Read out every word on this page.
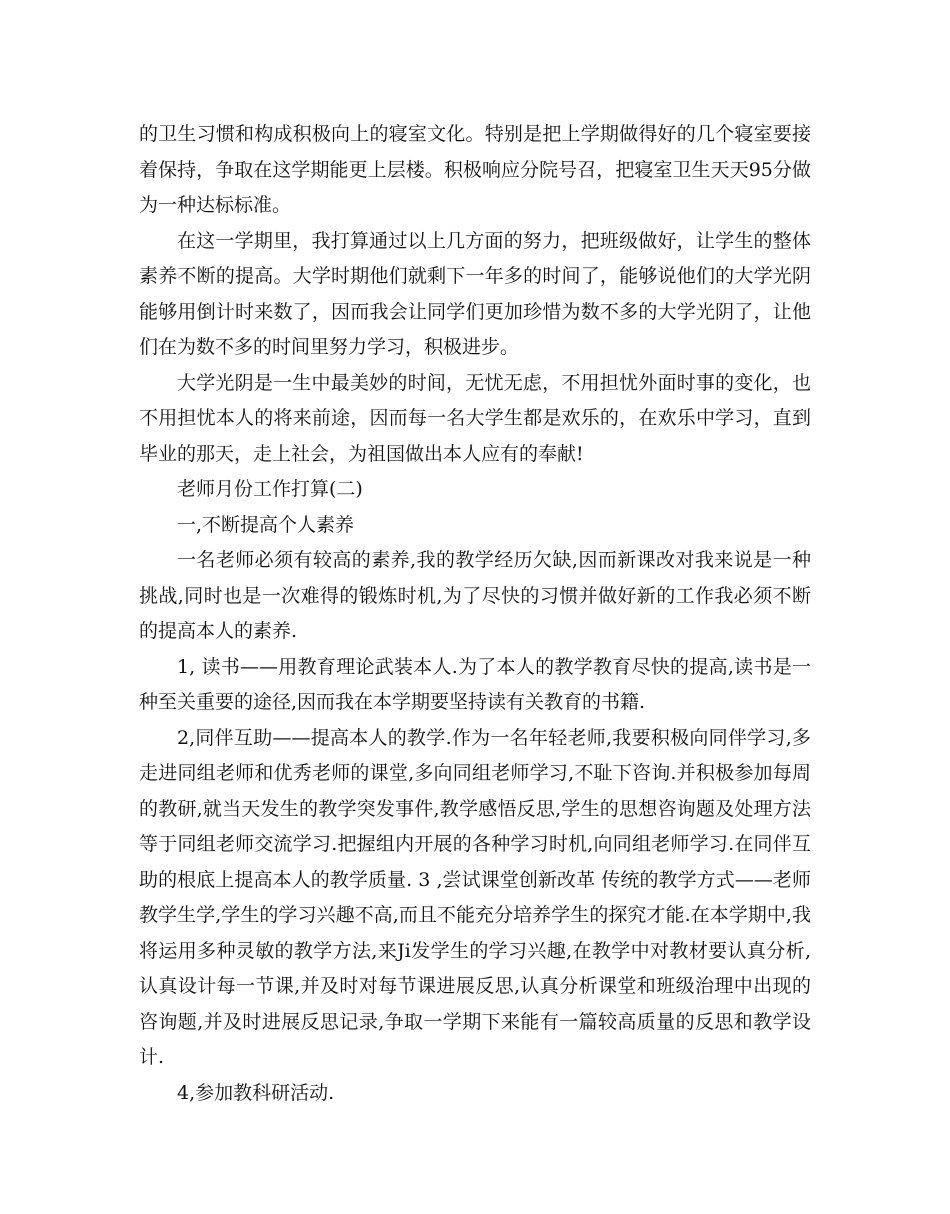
的卫生习惯和构成积极向上的寝室文化。特别是把上学期做得好的几个寝室要接着保持，争取在这学期能更上层楼。积极响应分院号召，把寝室卫生天天95分做为一种达标标准。

在这一学期里，我打算通过以上几方面的努力，把班级做好，让学生的整体素养不断的提高。大学时期他们就剩下一年多的时间了，能够说他们的大学光阴能够用倒计时来数了，因而我会让同学们更加珍惜为数不多的大学光阴了，让他们在为数不多的时间里努力学习，积极进步。

大学光阴是一生中最美妙的时间，无忧无虑，不用担忧外面时事的变化，也不用担忧本人的将来前途，因而每一名大学生都是欢乐的，在欢乐中学习，直到毕业的那天，走上社会，为祖国做出本人应有的奉献!

老师月份工作打算(二)

一,不断提高个人素养

一名老师必须有较高的素养,我的教学经历欠缺,因而新课改对我来说是一种挑战,同时也是一次难得的锻炼时机,为了尽快的习惯并做好新的工作我必须不断的提高本人的素养.

1, 读书——用教育理论武装本人.为了本人的教学教育尽快的提高,读书是一种至关重要的途径,因而我在本学期要坚持读有关教育的书籍.

2,同伴互助——提高本人的教学.作为一名年轻老师,我要积极向同伴学习,多走进同组老师和优秀老师的课堂,多向同组老师学习,不耻下咨询.并积极参加每周的教研,就当天发生的教学突发事件,教学感悟反思,学生的思想咨询题及处理方法等于同组老师交流学习.把握组内开展的各种学习时机,向同组老师学习.在同伴互助的根底上提高本人的教学质量. 3 ,尝试课堂创新改革 传统的教学方式——老师教学生学,学生的学习兴趣不高,而且不能充分培养学生的探究才能.在本学期中,我将运用多种灵敏的教学方法,来Ji发学生的学习兴趣,在教学中对教材要认真分析,认真设计每一节课,并及时对每节课进展反思,认真分析课堂和班级治理中出现的咨询题,并及时进展反思记录,争取一学期下来能有一篇较高质量的反思和教学设计.

4,参加教科研活动.
